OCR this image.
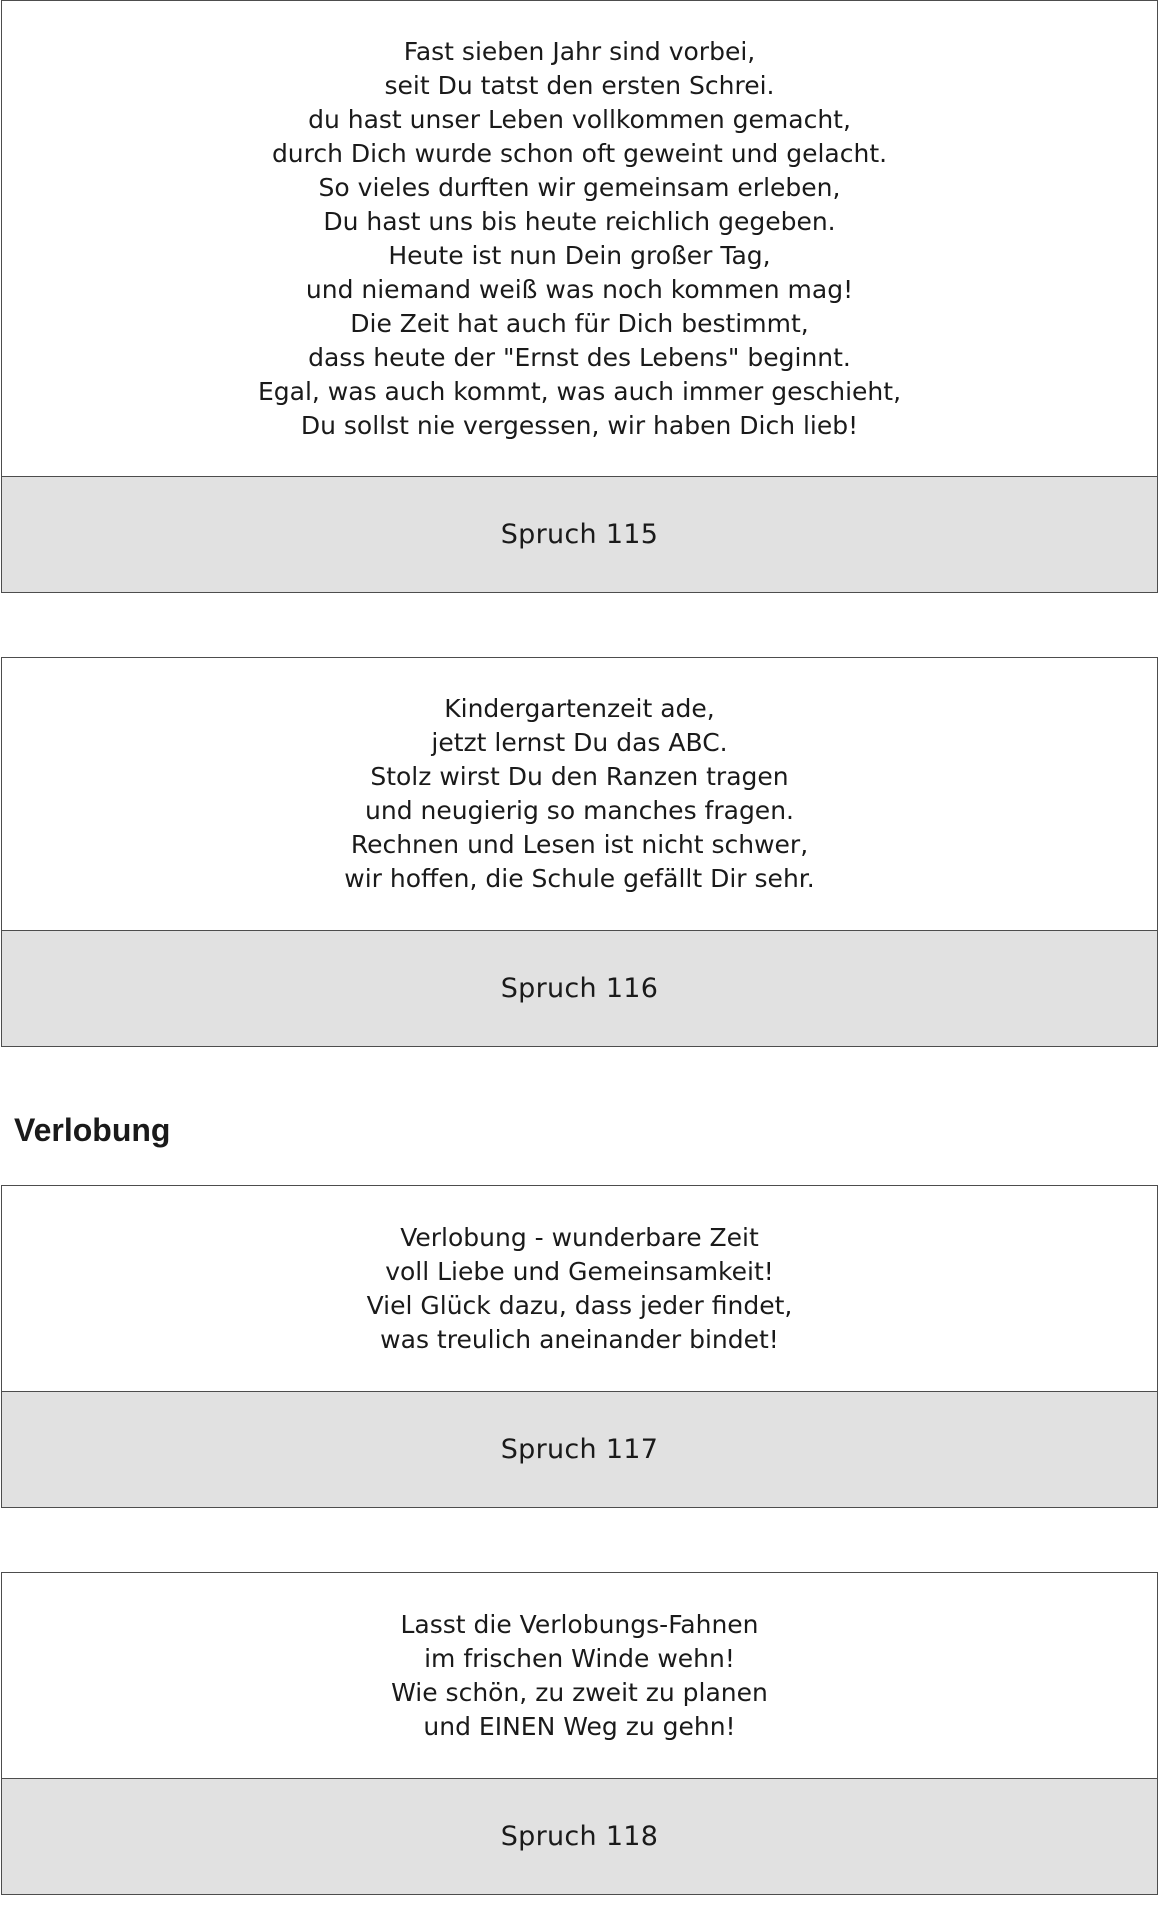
Fast sieben Jahr sind vorbei,
seit Du tatst den ersten Schrei.
du hast unser Leben vollkommen gemacht,
durch Dich wurde schon oft geweint und gelacht.
So vieles durften wir gemeinsam erleben,
Du hast uns bis heute reichlich gegeben.
Heute ist nun Dein großer Tag,
und niemand weiß was noch kommen mag!
Die Zeit hat auch für Dich bestimmt,
dass heute der "Ernst des Lebens" beginnt.
Egal, was auch kommt, was auch immer geschieht,
Du sollst nie vergessen, wir haben Dich lieb!

Spruch 115

Kindergartenzeit ade,
jetzt lernst Du das ABC.
Stolz wirst Du den Ranzen tragen
und neugierig so manches fragen.
Rechnen und Lesen ist nicht schwer,
wir hoffen, die Schule gefällt Dir sehr.

Spruch 116
Verlobung

Verlobung - wunderbare Zeit
voll Liebe und Gemeinsamkeit!
Viel Glück dazu, dass jeder findet,
was treulich aneinander bindet!

Spruch 117

Lasst die Verlobungs-Fahnen
im frischen Winde wehn!
Wie schön, zu zweit zu planen
und EINEN Weg zu gehn!

Spruch 118
